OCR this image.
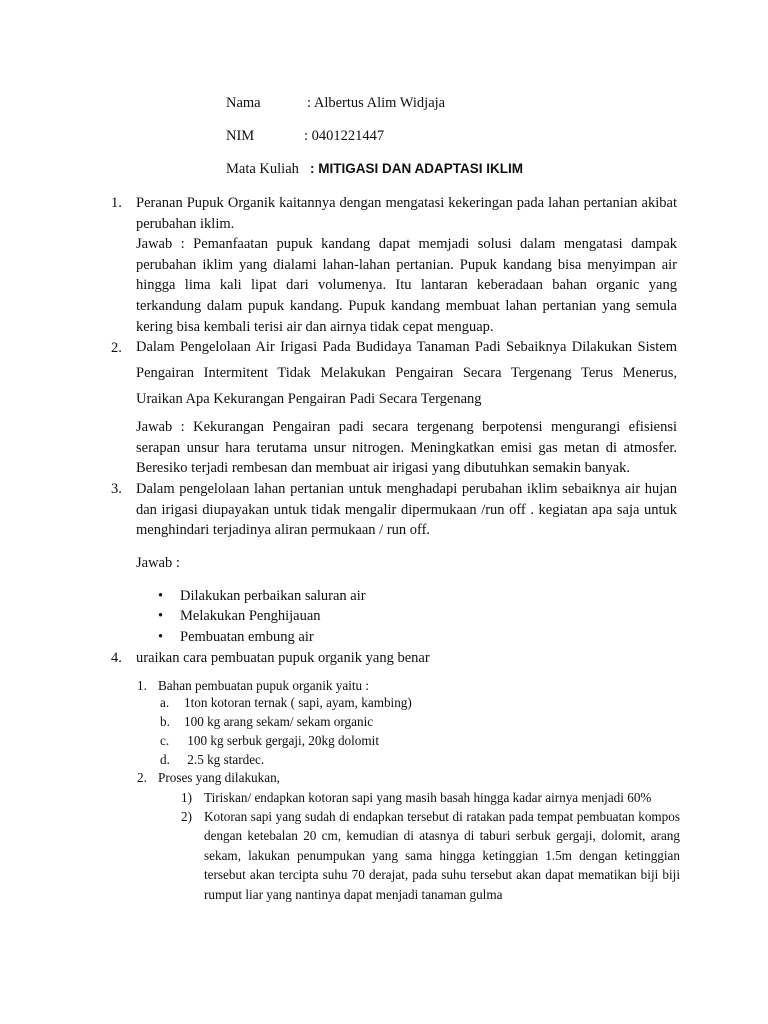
Nama	: Albertus Alim Widjaja
NIM	: 0401221447
Mata Kuliah : MITIGASI DAN ADAPTASI IKLIM
1. Peranan Pupuk Organik kaitannya dengan mengatasi kekeringan pada lahan pertanian akibat perubahan iklim.

Jawab : Pemanfaatan pupuk kandang dapat memjadi solusi dalam mengatasi dampak perubahan iklim yang dialami lahan-lahan pertanian. Pupuk kandang bisa menyimpan air hingga lima kali lipat dari volumenya. Itu lantaran keberadaan bahan organic yang terkandung dalam pupuk kandang. Pupuk kandang membuat lahan pertanian yang semula kering bisa kembali terisi air dan airnya tidak cepat menguap.

2. Dalam Pengelolaan Air Irigasi Pada Budidaya Tanaman Padi Sebaiknya Dilakukan Sistem Pengairan Intermitent Tidak Melakukan Pengairan Secara Tergenang Terus Menerus, Uraikan Apa Kekurangan Pengairan Padi Secara Tergenang
Jawab : Kekurangan Pengairan padi secara tergenang berpotensi mengurangi efisiensi serapan unsur hara terutama unsur nitrogen. Meningkatkan emisi gas metan di atmosfer. Beresiko terjadi rembesan dan membuat air irigasi yang dibutuhkan semakin banyak.
3. Dalam pengelolaan lahan pertanian untuk menghadapi perubahan iklim sebaiknya air hujan dan irigasi diupayakan untuk tidak mengalir dipermukaan /run off . kegiatan apa saja untuk menghindari terjadinya aliran permukaan / run off.
Jawab :
• Dilakukan perbaikan saluran air
• Melakukan Penghijauan
• Pembuatan embung air
4. uraikan cara pembuatan pupuk organik yang benar
1. Bahan pembuatan pupuk organik yaitu :
a. 1ton kotoran ternak ( sapi, ayam, kambing)
b. 100 kg arang sekam/ sekam organic
c. 100 kg serbuk gergaji, 20kg dolomit
d. 2.5 kg stardec.
2. Proses yang dilakukan,
1) Tiriskan/ endapkan kotoran sapi yang masih basah hingga kadar airnya menjadi 60%
2) Kotoran sapi yang sudah di endapkan tersebut di ratakan pada tempat pembuatan kompos dengan ketebalan 20 cm, kemudian di atasnya di taburi serbuk gergaji, dolomit, arang sekam, lakukan penumpukan yang sama hingga ketinggian 1.5m dengan ketinggian tersebut akan tercipta suhu 70 derajat, pada suhu tersebut akan dapat mematikan biji biji rumput liar yang nantinya dapat menjadi tanaman gulma
